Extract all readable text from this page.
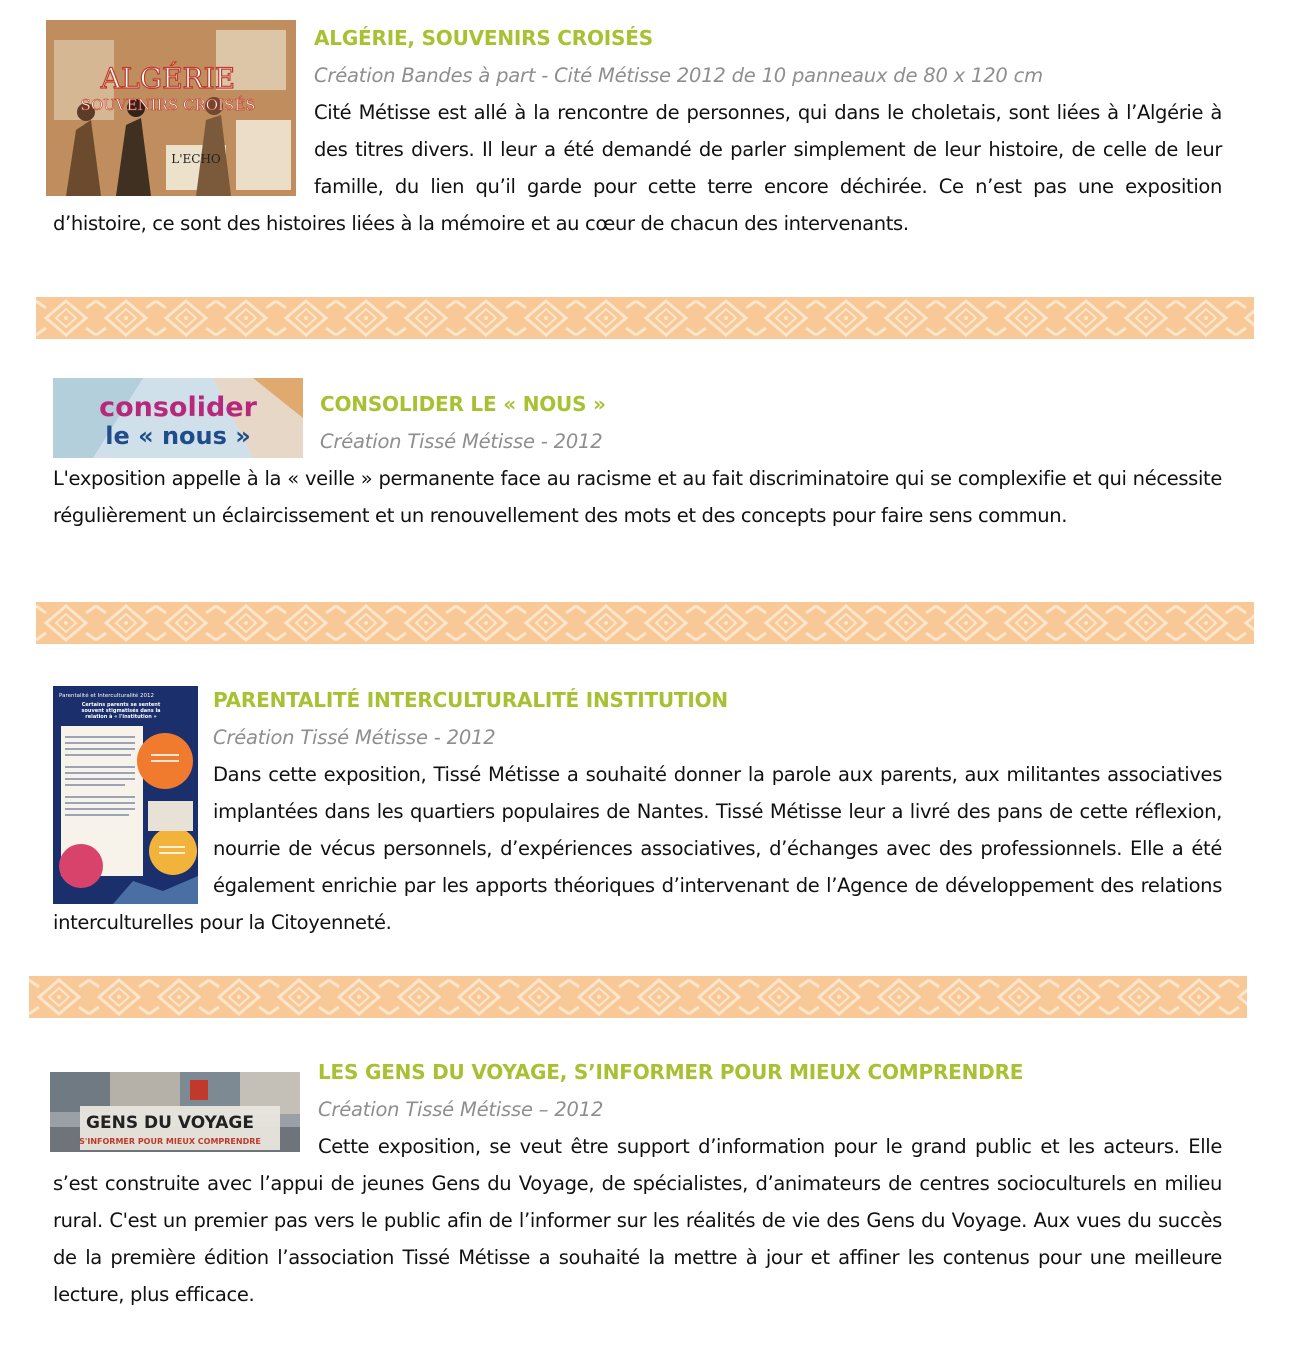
ALGÉRIE
SOUVENIRS CROISÉS
L'ECHO
ALGÉRIE, SOUVENIRS CROISÉS
Création Bandes à part - Cité Métisse 2012 de 10 panneaux de 80 x 120 cm
Cité Métisse est allé à la rencontre de personnes, qui dans le choletais, sont liées à l’Algérie à des titres divers. Il leur a été demandé de parler simplement de leur histoire, de celle de leur famille, du lien qu’il garde pour cette terre encore déchirée. Ce n’est pas une exposition d’histoire, ce sont des histoires liées à la mémoire et au cœur de chacun des intervenants.
consolider
le « nous »
CONSOLIDER LE « NOUS »
Création Tissé Métisse - 2012
L'exposition appelle à la « veille » permanente face au racisme et au fait discriminatoire qui se complexifie et qui nécessite régulièrement un éclaircissement et un renouvellement des mots et des concepts pour faire sens commun.
Parentalité et Interculturalité 2012
Certains parents se sentent souvent stigmatisés dans la relation à « l'institution »
PARENTALITÉ INTERCULTURALITÉ INSTITUTION
Création Tissé Métisse - 2012
Dans cette exposition, Tissé Métisse a souhaité donner la parole aux parents, aux militantes associatives implantées dans les quartiers populaires de Nantes. Tissé Métisse leur a livré des pans de cette réflexion, nourrie de vécus personnels, d’expériences associatives, d’échanges avec des professionnels. Elle a été également enrichie par les apports théoriques d’intervenant de l’Agence de développement des relations interculturelles pour la Citoyenneté.
GENS DU VOYAGE
S'INFORMER POUR MIEUX COMPRENDRE
LES GENS DU VOYAGE, S’INFORMER POUR MIEUX COMPRENDRE
Création Tissé Métisse – 2012
Cette exposition, se veut être support d’information pour le grand public et les acteurs. Elle s’est construite avec l’appui de jeunes Gens du Voyage, de spécialistes, d’animateurs de centres socioculturels en milieu rural. C'est un premier pas vers le public afin de l’informer sur les réalités de vie des Gens du Voyage. Aux vues du succès de la première édition l’association Tissé Métisse a souhaité la mettre à jour et affiner les contenus pour une meilleure lecture, plus efficace.
